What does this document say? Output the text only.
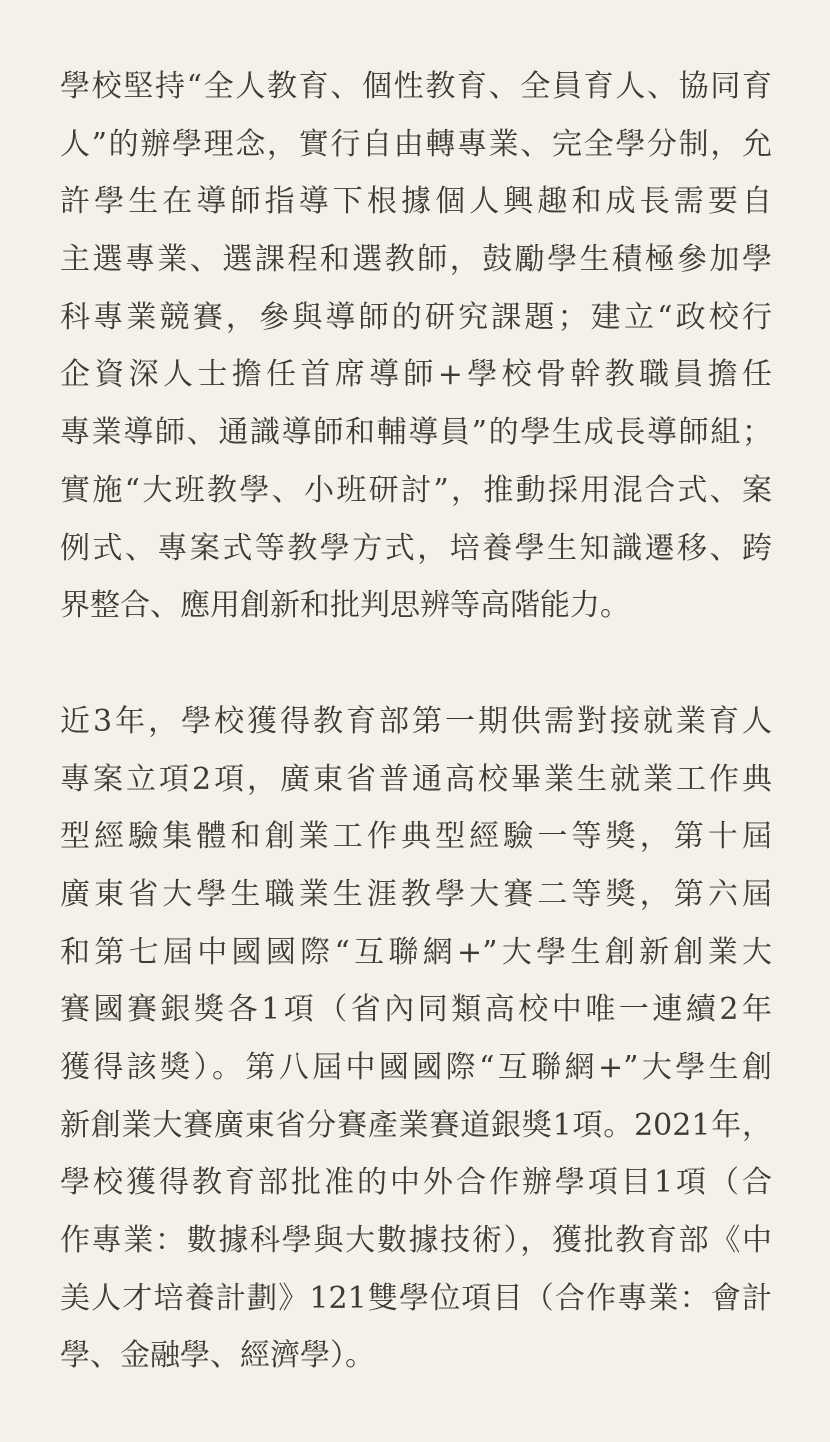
學校堅持“全人教育、個性教育、全員育人、協同育
人”的辦學理念，實行自由轉專業、完全學分制，允
許學生在導師指導下根據個人興趣和成長需要自
主選專業、選課程和選教師，鼓勵學生積極參加學
科專業競賽，參與導師的研究課題；建立“政校行
企資深人士擔任首席導師+學校骨幹教職員擔任
專業導師、通識導師和輔導員”的學生成長導師組；
實施“大班教學、小班研討”，推動採用混合式、案
例式、專案式等教學方式，培養學生知識遷移、跨
界整合、應用創新和批判思辨等高階能力。

近3年，學校獲得教育部第一期供需對接就業育人
專案立項2項，廣東省普通高校畢業生就業工作典
型經驗集體和創業工作典型經驗一等獎，第十屆
廣東省大學生職業生涯教學大賽二等獎，第六屆
和第七屆中國國際“互聯網+”大學生創新創業大
賽國賽銀獎各1項（省內同類高校中唯一連續2年
獲得該獎）。第八屆中國國際“互聯網+”大學生創
新創業大賽廣東省分賽產業賽道銀獎1項。2021年，
學校獲得教育部批准的中外合作辦學項目1項（合
作專業：數據科學與大數據技術），獲批教育部《中
美人才培養計劃》121雙學位項目（合作專業：會計
學、金融學、經濟學）。
